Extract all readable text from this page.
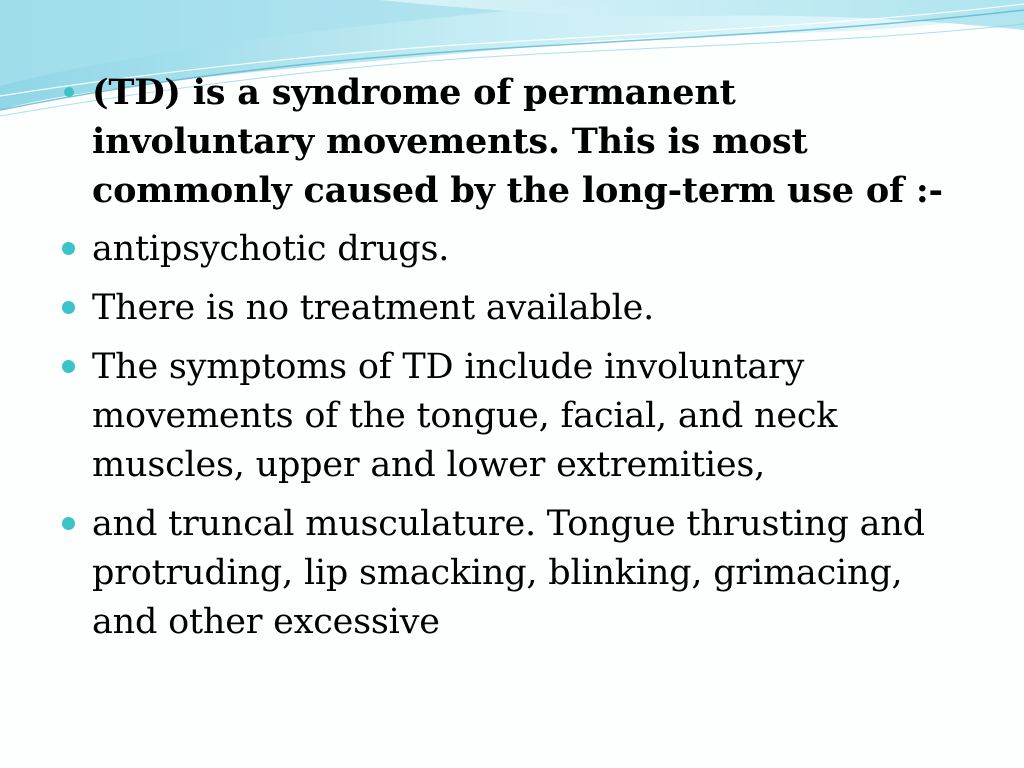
(TD) is a syndrome of permanent involuntary movements. This is most commonly caused by the long-term use of :-
antipsychotic drugs.
There is no treatment available.
The symptoms of TD include involuntary movements of the tongue, facial, and neck muscles, upper and lower extremities,
and truncal musculature. Tongue thrusting and protruding, lip smacking, blinking, grimacing, and other excessive
